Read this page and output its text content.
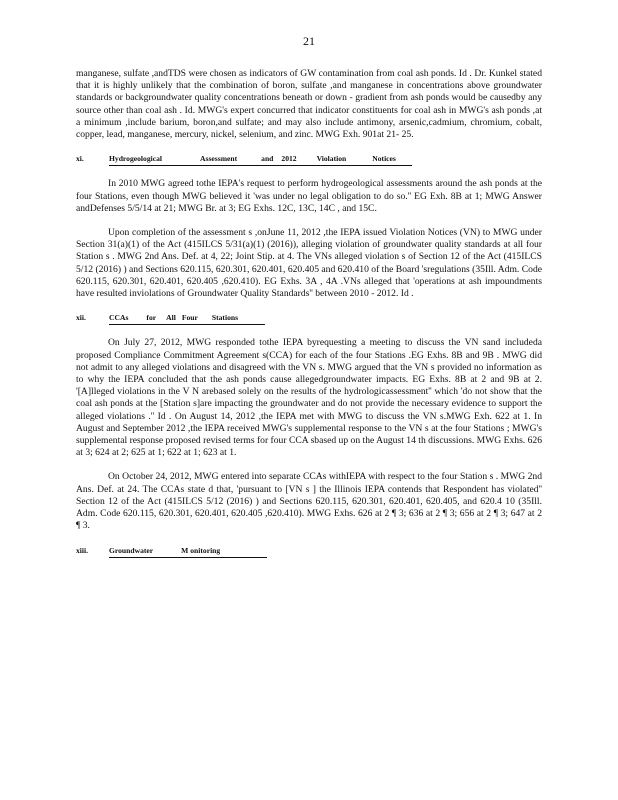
21

manganese, sulfate ,andTDS were chosen as indicators of GW contamination from coal ash ponds. Id . Dr. Kunkel stated that it is highly unlikely that the combination of boron, sulfate ,and manganese in concentrations above groundwater standards or backgroundwater quality concentrations beneath or down - gradient from ash ponds would be causedby any source other than coal ash . Id. MWG's expert concurred that indicator constituents for coal ash in MWG's ash ponds ,at a minimum ,include barium, boron,and sulfate; and may also include antimony, arsenic,cadmium, chromium, cobalt, copper, lead, manganese, mercury, nickel, selenium, and zinc. MWG Exh. 901at 21- 25.

xi.	Hydrogeological	Assessment	and 2012	Violation	Notices

In 2010 MWG agreed tothe IEPA's request to perform hydrogeological assessments around the ash ponds at the four Stations, even though MWG believed it 'was under no legal obligation to do so.'' EG Exh. 8B at 1; MWG Answer andDefenses 5/5/14 at 21; MWG Br. at 3; EG Exhs. 12C, 13C, 14C , and 15C.

Upon completion of the assessment s ,onJune 11, 2012 ,the IEPA issued Violation Notices (VN) to MWG under Section 31(a)(1) of the Act (415ILCS 5/31(a)(1) (2016)), alleging violation of groundwater quality standards at all four Station s . MWG 2nd Ans. Def. at 4, 22; Joint Stip. at 4. The VNs alleged violation s of Section 12 of the Act (415ILCS 5/12 (2016) ) and Sections 620.115, 620.301, 620.401, 620.405 and 620.410 of the Board 'sregulations (35Ill. Adm. Code 620.115, 620.301, 620.401, 620.405 ,620.410). EG Exhs. 3A , 4A .VNs alleged that 'operations at ash impoundments have resulted inviolations of Groundwater Quality Standards'' between 2010 - 2012. Id .

xii.	CCAs for All Four Stations

On July 27, 2012, MWG responded tothe IEPA byrequesting a meeting to discuss the VN sand includeda proposed Compliance Commitment Agreement s(CCA) for each of the four Stations .EG Exhs. 8B and 9B . MWG did not admit to any alleged violations and disagreed with the VN s. MWG argued that the VN s provided no information as to why the IEPA concluded that the ash ponds cause allegedgroundwater impacts. EG Exhs. 8B at 2 and 9B at 2. '[A]lleged violations in the V N arebased solely on the results of the hydrologicassessment'' which 'do not show that the coal ash ponds at the [Station s]are impacting the groundwater and do not provide the necessary evidence to support the alleged violations .'' Id . On August 14, 2012 ,the IEPA met with MWG to discuss the VN s.MWG Exh. 622 at 1. In August and September 2012 ,the IEPA received MWG's supplemental response to the VN s at the four Stations ; MWG's supplemental response proposed revised terms for four CCA sbased up on the August 14 th discussions. MWG Exhs. 626 at 3; 624 at 2; 625 at 1; 622 at 1; 623 at 1.

On October 24, 2012, MWG entered into separate CCAs withIEPA with respect to the four Station s . MWG 2nd Ans. Def. at 24. The CCAs state d that, 'pursuant to [VN s ] the Illinois IEPA contends that Respondent has violated'' Section 12 of the Act (415ILCS 5/12 (2016) ) and Sections 620.115, 620.301, 620.401, 620.405, and 620.4 10 (35Ill. Adm. Code 620.115, 620.301, 620.401, 620.405 ,620.410). MWG Exhs. 626 at 2 ¶ 3; 636 at 2 ¶ 3; 656 at 2 ¶ 3; 647 at 2 ¶ 3.

xiii.	Groundwater	M onitoring
